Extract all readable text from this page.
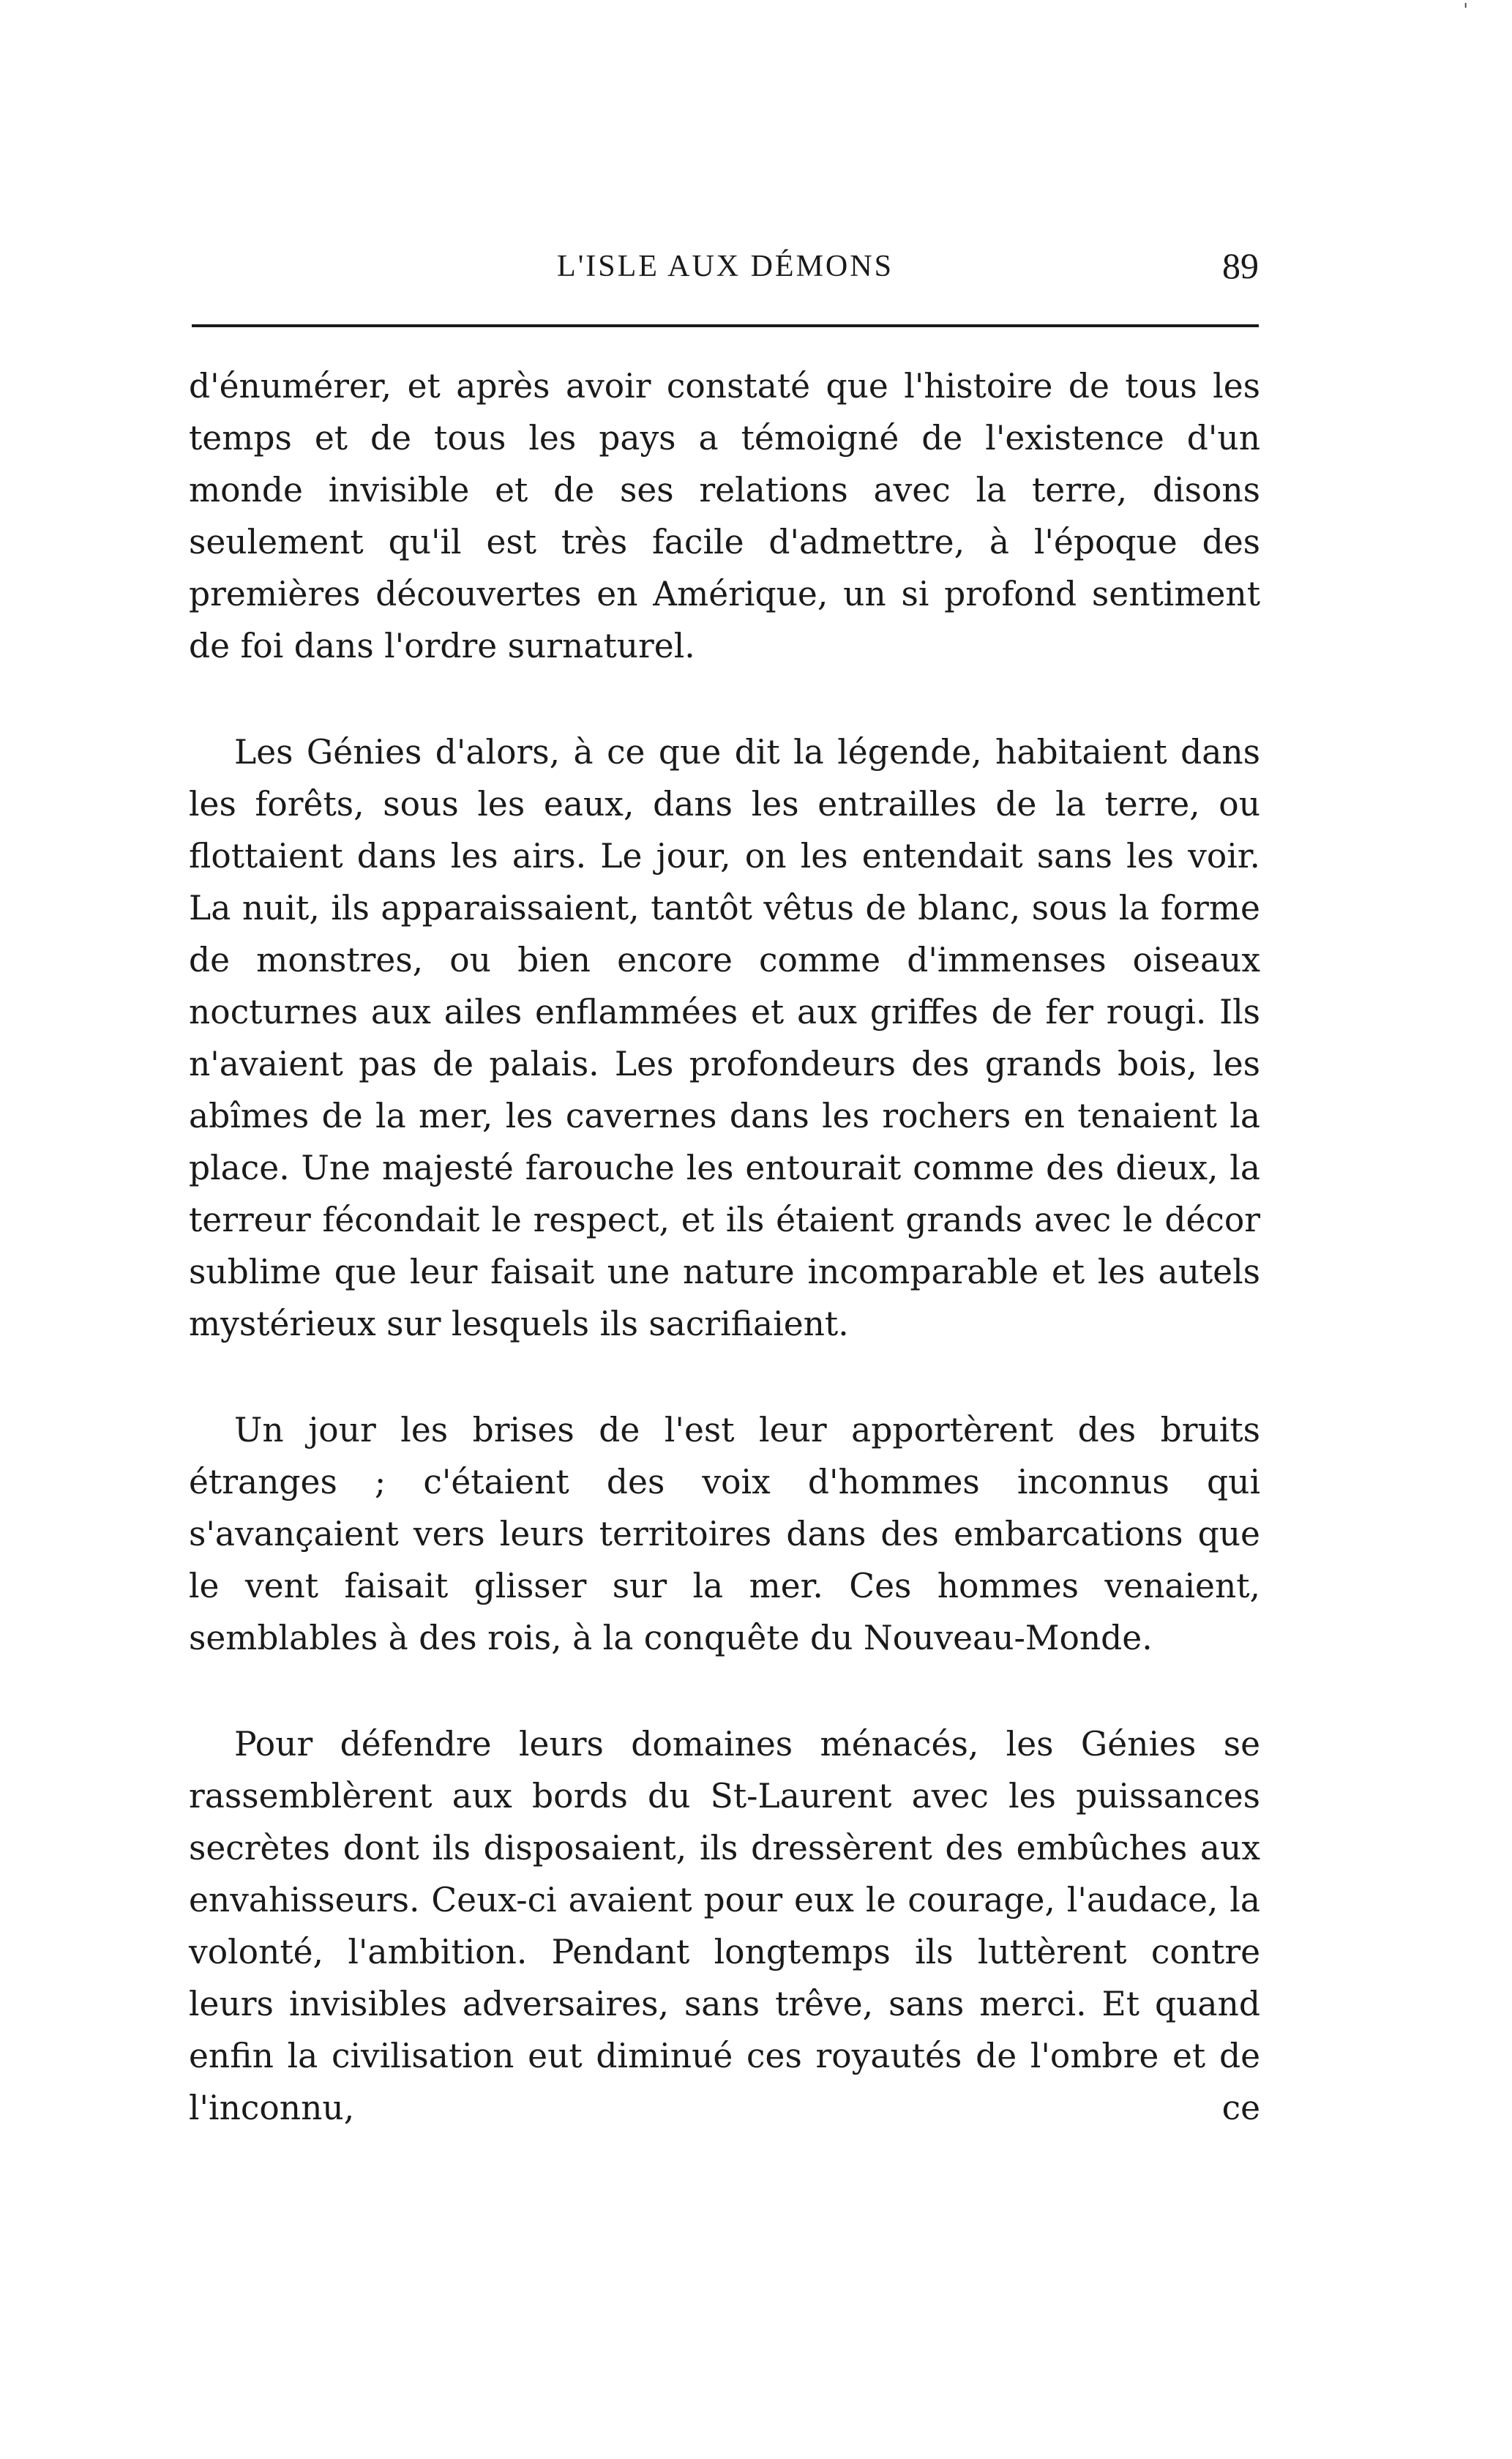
'
L'ISLE AUX DÉMONS	89

d'énumérer, et après avoir constaté que l'histoire de tous les temps et de tous les pays a témoigné de l'existence d'un monde invisible et de ses relations avec la terre, disons seulement qu'il est très facile d'admettre, à l'époque des premières découvertes en Amérique, un si profond sentiment de foi dans l'ordre surnaturel.

Les Génies d'alors, à ce que dit la légende, habitaient dans les forêts, sous les eaux, dans les entrailles de la terre, ou flottaient dans les airs. Le jour, on les entendait sans les voir. La nuit, ils apparaissaient, tantôt vêtus de blanc, sous la forme de monstres, ou bien encore comme d'immenses oiseaux nocturnes aux ailes enflammées et aux griffes de fer rougi. Ils n'avaient pas de palais. Les profondeurs des grands bois, les abîmes de la mer, les cavernes dans les rochers en tenaient la place. Une majesté farouche les entourait comme des dieux, la terreur fécondait le respect, et ils étaient grands avec le décor sublime que leur faisait une nature incomparable et les autels mystérieux sur lesquels ils sacrifiaient.

Un jour les brises de l'est leur apportèrent des bruits étranges ; c'étaient des voix d'hommes inconnus qui s'avançaient vers leurs territoires dans des embarcations que le vent faisait glisser sur la mer. Ces hommes venaient, semblables à des rois, à la conquête du Nouveau-Monde.

Pour défendre leurs domaines ménacés, les Génies se rassemblèrent aux bords du St-Laurent avec les puissances secrètes dont ils disposaient, ils dressèrent des embûches aux envahisseurs. Ceux-ci avaient pour eux le courage, l'audace, la volonté, l'ambition. Pendant longtemps ils luttèrent contre leurs invisibles adversaires, sans trêve, sans merci. Et quand enfin la civilisation eut diminué ces royautés de l'ombre et de l'inconnu, ce
